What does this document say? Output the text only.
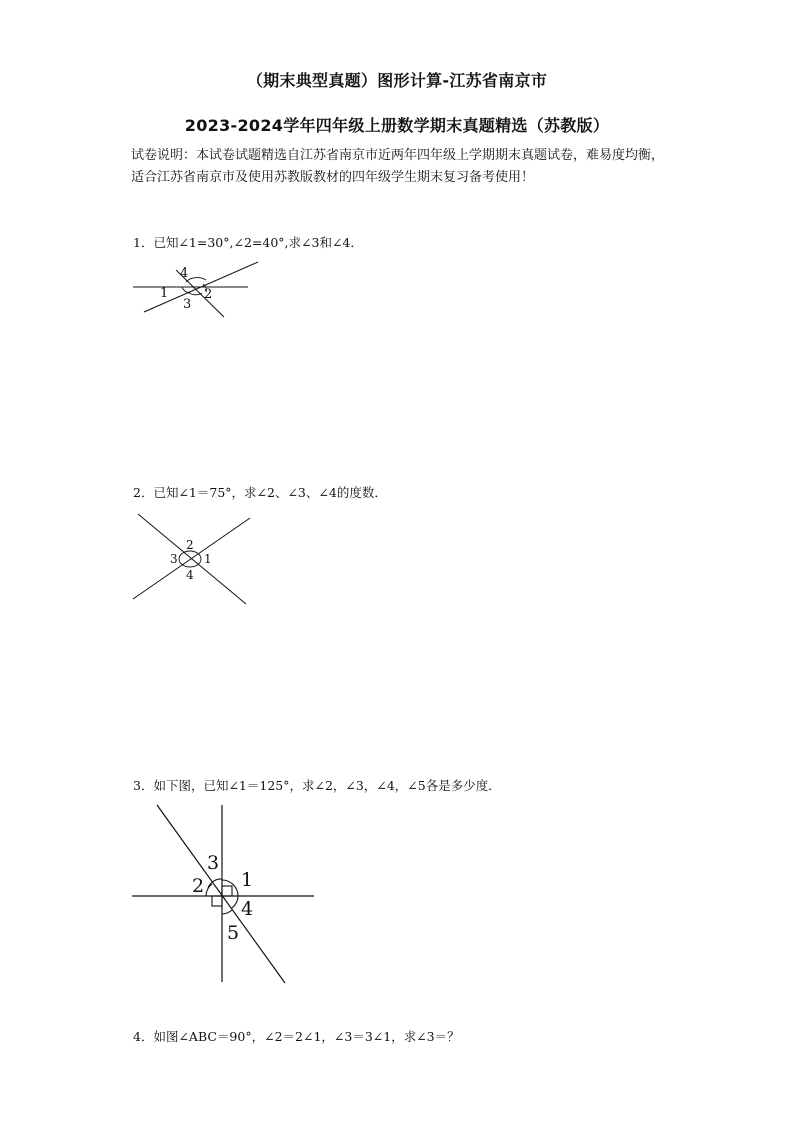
（期末典型真题）图形计算-江苏省南京市
2023-2024学年四年级上册数学期末真题精选（苏教版）
试卷说明：本试卷试题精选自江苏省南京市近两年四年级上学期期末真题试卷，难易度均衡，适合江苏省南京市及使用苏教版教材的四年级学生期末复习备考使用！
1．已知∠1=30°,∠2=40°,求∠3和∠4．
4
1	2
3
2．已知∠1＝75°，求∠2、∠3、∠4的度数．
2
3 1
4
3．如下图，已知∠1＝125°，求∠2，∠3，∠4，∠5各是多少度．
3
2 1
4
5
4．如图∠ABC＝90°，∠2＝2∠1，∠3＝3∠1，求∠3＝？
